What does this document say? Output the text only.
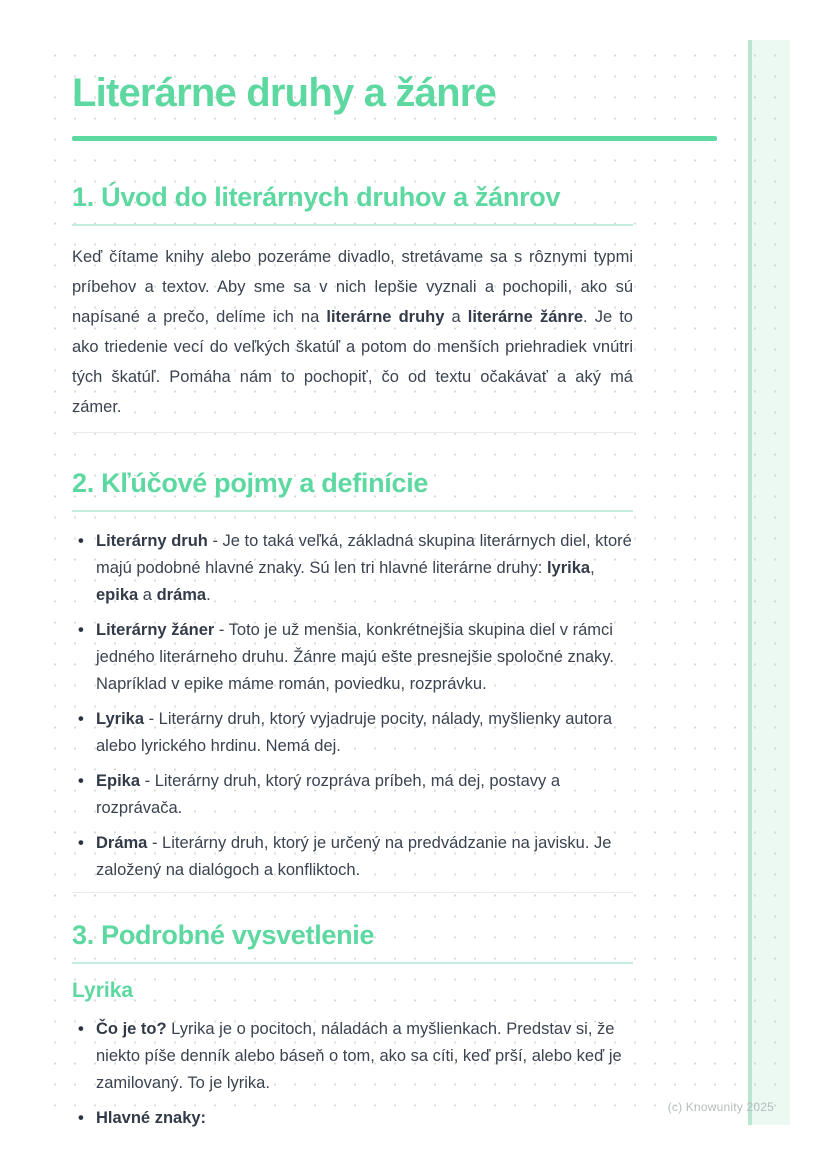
Literárne druhy a žánre
1. Úvod do literárnych druhov a žánrov

Keď čítame knihy alebo pozeráme divadlo, stretávame sa s rôznymi typmi príbehov a textov. Aby sme sa v nich lepšie vyznali a pochopili, ako sú napísané a prečo, delíme ich na literárne druhy a literárne žánre. Je to ako triedenie vecí do veľkých škatúľ a potom do menších priehradiek vnútri tých škatúľ. Pomáha nám to pochopiť, čo od textu očakávať a aký má zámer.

2. Kľúčové pojmy a definície
• Literárny druh - Je to taká veľká, základná skupina literárnych diel, ktoré majú podobné hlavné znaky. Sú len tri hlavné literárne druhy: lyrika, epika a dráma.
• Literárny žáner - Toto je už menšia, konkrétnejšia skupina diel v rámci jedného literárneho druhu. Žánre majú ešte presnejšie spoločné znaky. Napríklad v epike máme román, poviedku, rozprávku.
• Lyrika - Literárny druh, ktorý vyjadruje pocity, nálady, myšlienky autora alebo lyrického hrdinu. Nemá dej.
• Epika - Literárny druh, ktorý rozpráva príbeh, má dej, postavy a rozprávača.
• Dráma - Literárny druh, ktorý je určený na predvádzanie na javisku. Je založený na dialógoch a konfliktoch.
3. Podrobné vysvetlenie
Lyrika
• Čo je to? Lyrika je o pocitoch, náladách a myšlienkach. Predstav si, že niekto píše denník alebo báseň o tom, ako sa cíti, keď prší, alebo keď je zamilovaný. To je lyrika.
• Hlavné znaky:
(c) Knowunity 2025
